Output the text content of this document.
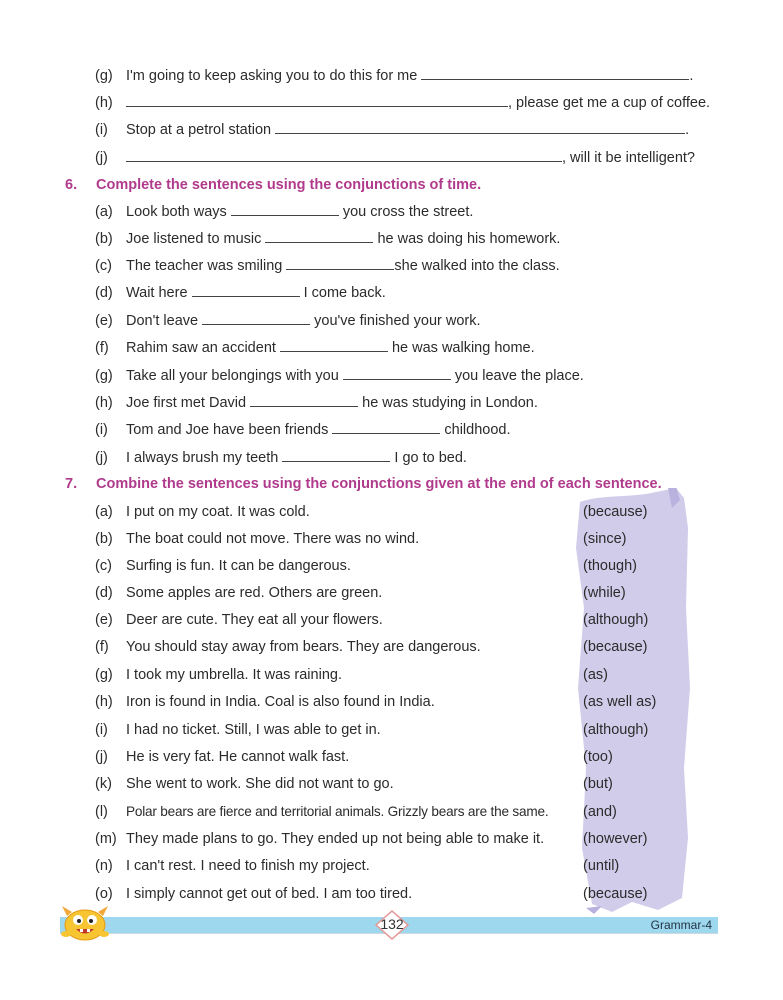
(g) I'm going to keep asking you to do this for me	.
(h)	, please get me a cup of coffee.
(i) Stop at a petrol station	.
(j)	, will it be intelligent?
6. Complete the sentences using the conjunctions of time.
(a) Look both ways	you cross the street.
(b) Joe listened to music	he was doing his homework.
(c) The teacher was smiling	she walked into the class.
(d) Wait here	I come back.
(e) Don't leave	you've finished your work.
(f) Rahim saw an accident	he was walking home.
(g) Take all your belongings with you	you leave the place.
(h) Joe first met David	he was studying in London.
(i) Tom and Joe have been friends	childhood.
(j) I always brush my teeth	I go to bed.
7. Combine the sentences using the conjunctions given at the end of each sentence.
(a) I put on my coat. It was cold.	(because)
(b) The boat could not move. There was no wind.	(since)
(c) Surfing is fun. It can be dangerous.	(though)
(d) Some apples are red. Others are green.	(while)
(e) Deer are cute. They eat all your flowers.	(although)
(f) You should stay away from bears. They are dangerous.	(because)
(g) I took my umbrella. It was raining.	(as)
(h) Iron is found in India. Coal is also found in India.	(as well as)
(i) I had no ticket. Still, I was able to get in.	(although)
(j) He is very fat. He cannot walk fast.	(too)
(k) She went to work. She did not want to go.	(but)
(l) Polar bears are fierce and territorial animals. Grizzly bears are the same. (and)
(m) They made plans to go. They ended up not being able to make it.	(however)
(n) I can't rest. I need to finish my project.	(until)
(o) I simply cannot get out of bed. I am too tired.	(because)
132	Grammar-4
